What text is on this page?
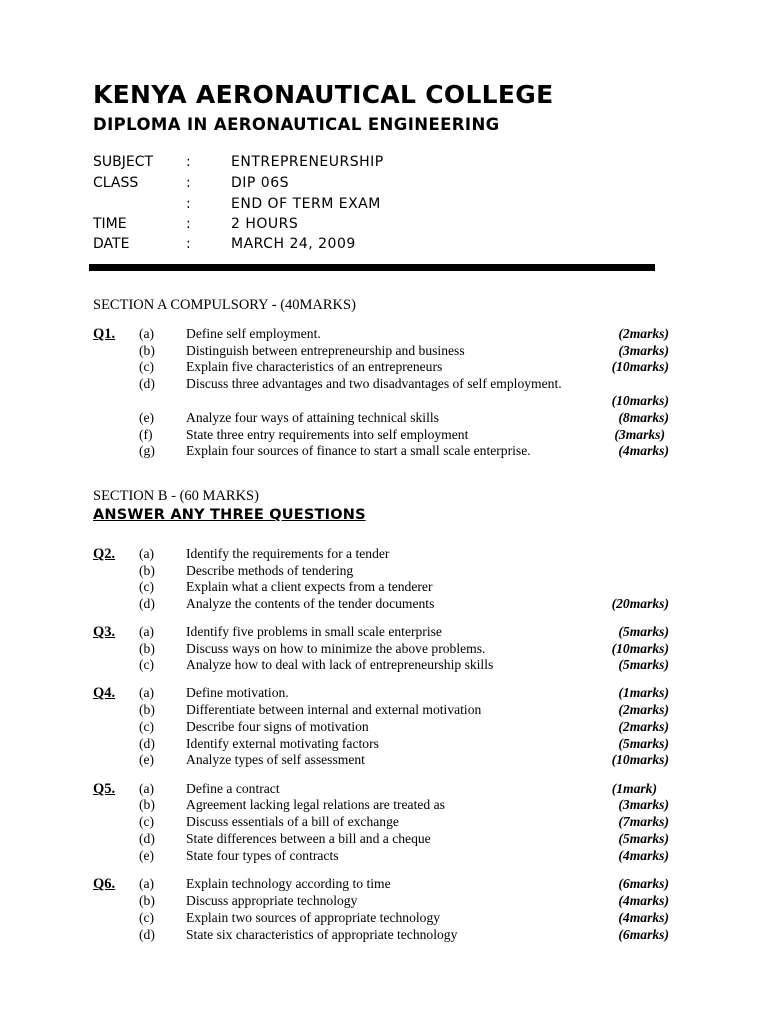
KENYA AERONAUTICAL COLLEGE
DIPLOMA IN AERONAUTICAL ENGINEERING
SUBJECT :	ENTREPRENEURSHIP
CLASS	:	DIP 06S
:	END OF TERM EXAM
TIME	:	2 HOURS
DATE	:	MARCH 24, 2009
SECTION A COMPULSORY - (40MARKS)
Q1. (a) Define self employment.	(2marks)
(b) Distinguish between entrepreneurship and business	(3marks)
(c) Explain five characteristics of an entrepreneurs	(10marks)
(d) Discuss three advantages and two disadvantages of self employment.
(10marks)
(e) Analyze four ways of attaining technical skills	(8marks)
(f) State three entry requirements into self employment	(3marks)
(g) Explain four sources of finance to start a small scale enterprise.	(4marks)
SECTION B - (60 MARKS)
ANSWER ANY THREE QUESTIONS
Q2. (a) Identify the requirements for a tender
(b) Describe methods of tendering
(c) Explain what a client expects from a tenderer
(d) Analyze the contents of the tender documents	(20marks)
Q3. (a) Identify five problems in small scale enterprise	(5marks)
(b) Discuss ways on how to minimize the above problems.	(10marks)
(c) Analyze how to deal with lack of entrepreneurship skills	(5marks)
Q4. (a) Define motivation.	(1marks)
(b) Differentiate between internal and external motivation	(2marks)
(c) Describe four signs of motivation	(2marks)
(d) Identify external motivating factors	(5marks)
(e) Analyze types of self assessment	(10marks)
Q5. (a) Define a contract	(1mark)
(b) Agreement lacking legal relations are treated as	(3marks)
(c) Discuss essentials of a bill of exchange	(7marks)
(d) State differences between a bill and a cheque	(5marks)
(e) State four types of contracts	(4marks)
Q6. (a) Explain technology according to time	(6marks)
(b) Discuss appropriate technology	(4marks)
(c) Explain two sources of appropriate technology	(4marks)
(d) State six characteristics of appropriate technology	(6marks)
